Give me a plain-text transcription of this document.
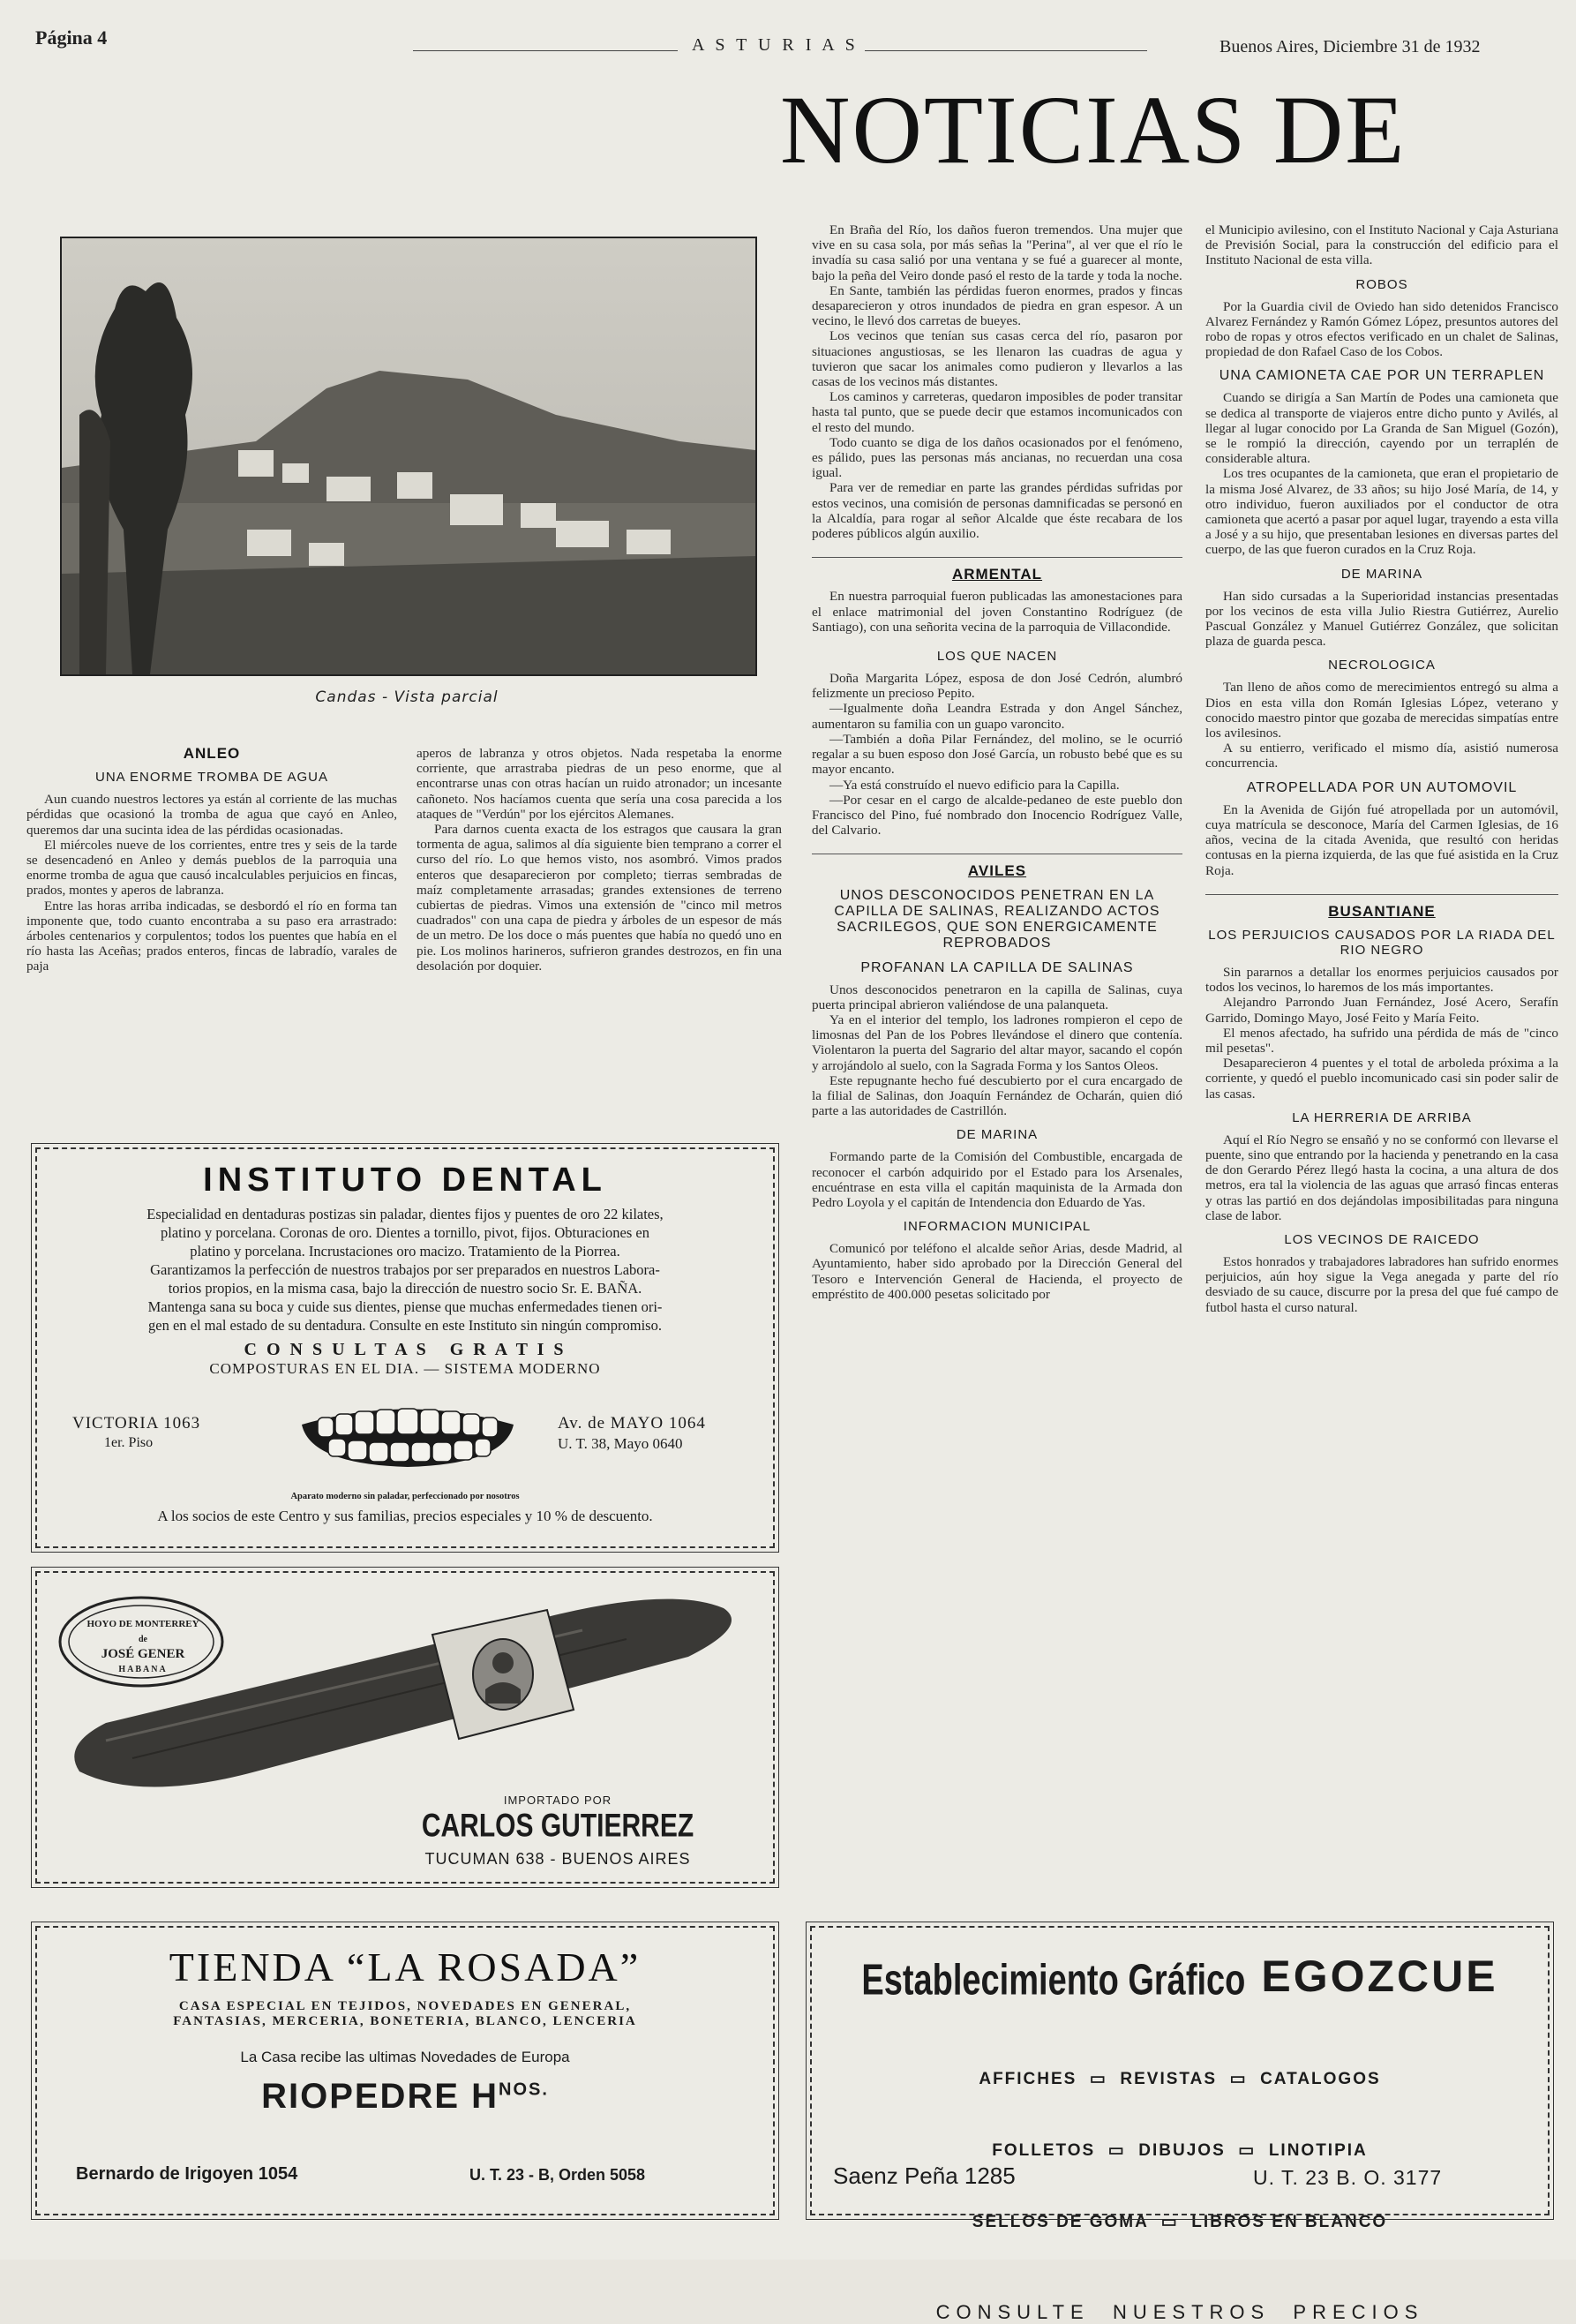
Página 4	A S T U R I A S	Buenos Aires, Diciembre 31 de 1932
NOTICIAS DE
Candas - Vista parcial
ANLEO
UNA ENORME TROMBA DE AGUA

Aun cuando nuestros lectores ya están al corriente de las muchas pérdidas que ocasionó la tromba de agua que cayó en Anleo, queremos dar una sucinta idea de las pérdidas ocasionadas.

El miércoles nueve de los corrientes, entre tres y seis de la tarde se desencadenó en Anleo y demás pueblos de la parroquia una enorme tromba de agua que causó incalculables perjuicios en fincas, prados, montes y aperos de labranza.

Entre las horas arriba indicadas, se desbordó el río en forma tan imponente que, todo cuanto encontraba a su paso era arrastrado: árboles centenarios y corpulentos; todos los puentes que había en el río hasta las Aceñas; prados enteros, fincas de labradío, varales de paja

aperos de labranza y otros objetos. Nada respetaba la enorme corriente, que arrastraba piedras de un peso enorme, que al encontrarse unas con otras hacían un ruido atronador; un incesante cañoneto. Nos hacíamos cuenta que sería una cosa parecida a los ataques de "Verdún" por los ejércitos Alemanes.

Para darnos cuenta exacta de los estragos que causara la gran tormenta de agua, salimos al día siguiente bien temprano a correr el curso del río. Lo que hemos visto, nos asombró. Vimos prados enteros que desaparecieron por completo; tierras sembradas de maíz completamente arrasadas; grandes extensiones de terreno cubiertas de piedras. Vimos una extensión de "cinco mil metros cuadrados" con una capa de piedra y árboles de un espesor de más de un metro. De los doce o más puentes que había no quedó uno en pie. Los molinos harineros, sufrieron grandes destrozos, en fin una desolación por doquier.

En Braña del Río, los daños fueron tremendos. Una mujer que vive en su casa sola, por más señas la "Perina", al ver que el río le invadía su casa salió por una ventana y se fué a guarecer al monte, bajo la peña del Veiro donde pasó el resto de la tarde y toda la noche.

En Sante, también las pérdidas fueron enormes, prados y fincas desaparecieron y otros inundados de piedra en gran espesor. A un vecino, le llevó dos carretas de bueyes.

Los vecinos que tenían sus casas cerca del río, pasaron por situaciones angustiosas, se les llenaron las cuadras de agua y tuvieron que sacar los animales como pudieron y llevarlos a las casas de los vecinos más distantes.

Los caminos y carreteras, quedaron imposibles de poder transitar hasta tal punto, que se puede decir que estamos incomunicados con el resto del mundo.

Todo cuanto se diga de los daños ocasionados por el fenómeno, es pálido, pues las personas más ancianas, no recuerdan una cosa igual.

Para ver de remediar en parte las grandes pérdidas sufridas por estos vecinos, una comisión de personas damnificadas se personó en la Alcaldía, para rogar al señor Alcalde que éste recabara de los poderes públicos algún auxilio.

ARMENTAL

En nuestra parroquial fueron publicadas las amonestaciones para el enlace matrimonial del joven Constantino Rodríguez (de Santiago), con una señorita vecina de la parroquia de Villacondide.

LOS QUE NACEN

Doña Margarita López, esposa de don José Cedrón, alumbró felizmente un precioso Pepito.

—Igualmente doña Leandra Estrada y don Angel Sánchez, aumentaron su familia con un guapo varoncito.

—También a doña Pilar Fernández, del molino, se le ocurrió regalar a su buen esposo don José García, un robusto bebé que es su mayor encanto.

—Ya está construído el nuevo edificio para la Capilla.

—Por cesar en el cargo de alcalde-pedaneo de este pueblo don Francisco del Pino, fué nombrado don Inocencio Rodríguez Valle, del Calvario.

AVILES
UNOS DESCONOCIDOS PENETRAN EN LA CAPILLA DE SALINAS, REALIZANDO ACTOS SACRILEGOS, QUE SON ENERGICAMENTE REPROBADOS
PROFANAN LA CAPILLA DE SALINAS

Unos desconocidos penetraron en la capilla de Salinas, cuya puerta principal abrieron valiéndose de una palanqueta.

Ya en el interior del templo, los ladrones rompieron el cepo de limosnas del Pan de los Pobres llevándose el dinero que contenía. Violentaron la puerta del Sagrario del altar mayor, sacando el copón y arrojándolo al suelo, con la Sagrada Forma y los Santos Oleos.

Este repugnante hecho fué descubierto por el cura encargado de la filial de Salinas, don Joaquín Fernández de Ocharán, quien dió parte a las autoridades de Castrillón.

DE MARINA

Formando parte de la Comisión del Combustible, encargada de reconocer el carbón adquirido por el Estado para los Arsenales, encuéntrase en esta villa el capitán maquinista de la Armada don Pedro Loyola y el capitán de Intendencia don Eduardo de Yas.

INFORMACION MUNICIPAL

Comunicó por teléfono el alcalde señor Arias, desde Madrid, al Ayuntamiento, haber sido aprobado por la Dirección General del Tesoro e Intervención General de Hacienda, el proyecto de empréstito de 400.000 pesetas solicitado por

el Municipio avilesino, con el Instituto Nacional y Caja Asturiana de Previsión Social, para la construcción del edificio para el Instituto Nacional de esta villa.

ROBOS

Por la Guardia civil de Oviedo han sido detenidos Francisco Alvarez Fernández y Ramón Gómez López, presuntos autores del robo de ropas y otros efectos verificado en un chalet de Salinas, propiedad de don Rafael Caso de los Cobos.

UNA CAMIONETA CAE POR UN TERRAPLEN

Cuando se dirigía a San Martín de Podes una camioneta que se dedica al transporte de viajeros entre dicho punto y Avilés, al llegar al lugar conocido por La Granda de San Miguel (Gozón), se le rompió la dirección, cayendo por un terraplén de considerable altura.

Los tres ocupantes de la camioneta, que eran el propietario de la misma José Alvarez, de 33 años; su hijo José María, de 14, y otro individuo, fueron auxiliados por el conductor de otra camioneta que acertó a pasar por aquel lugar, trayendo a esta villa a José y a su hijo, que presentaban lesiones en diversas partes del cuerpo, de las que fueron curados en la Cruz Roja.

DE MARINA

Han sido cursadas a la Superioridad instancias presentadas por los vecinos de esta villa Julio Riestra Gutiérrez, Aurelio Pascual González y Manuel Gutiérrez González, que solicitan plaza de guarda pesca.

NECROLOGICA

Tan lleno de años como de merecimientos entregó su alma a Dios en esta villa don Román Iglesias López, veterano y conocido maestro pintor que gozaba de merecidas simpatías entre los avilesinos.

A su entierro, verificado el mismo día, asistió numerosa concurrencia.

ATROPELLADA POR UN AUTOMOVIL

En la Avenida de Gijón fué atropellada por un automóvil, cuya matrícula se desconoce, María del Carmen Iglesias, de 16 años, vecina de la citada Avenida, que resultó con heridas contusas en la pierna izquierda, de las que fué asistida en la Cruz Roja.

BUSANTIANE
LOS PERJUICIOS CAUSADOS POR LA RIADA DEL RIO NEGRO

Sin pararnos a detallar los enormes perjuicios causados por todos los vecinos, lo haremos de los más importantes.

Alejandro Parrondo Juan Fernández, José Acero, Serafín Garrido, Domingo Mayo, José Feito y María Feito.

El menos afectado, ha sufrido una pérdida de más de "cinco mil pesetas".

Desaparecieron 4 puentes y el total de arboleda próxima a la corriente, y quedó el pueblo incomunicado casi sin poder salir de las casas.

LA HERRERIA DE ARRIBA

Aquí el Río Negro se ensañó y no se conformó con llevarse el puente, sino que entrando por la hacienda y penetrando en la casa de don Gerardo Pérez llegó hasta la cocina, a una altura de dos metros, era tal la violencia de las aguas que arrasó fincas enteras y otras las partió en dos dejándolas imposibilitadas para ninguna clase de labor.

LOS VECINOS DE RAICEDO

Estos honrados y trabajadores labradores han sufrido enormes perjuicios, aún hoy sigue la Vega anegada y parte del río desviado de su cauce, discurre por la presa del que fué campo de futbol hasta el curso natural.

INSTITUTO DENTAL
Especialidad en dentaduras postizas sin paladar, dientes fijos y puentes de oro 22 kilates,
platino y porcelana. Coronas de oro. Dientes a tornillo, pivot, fijos. Obturaciones en
platino y porcelana. Incrustaciones oro macizo. Tratamiento de la Piorrea.
Garantizamos la perfección de nuestros trabajos por ser preparados en nuestros Labora-
torios propios, en la misma casa, bajo la dirección de nuestro socio Sr. E. BAÑA.
Mantenga sana su boca y cuide sus dientes, piense que muchas enfermedades tienen ori-
gen en el mal estado de su dentadura. Consulte en este Instituto sin ningún compromiso.
C O N S U L T A S   G R A T I S
COMPOSTURAS EN EL DIA. — SISTEMA MODERNO
VICTORIA 1063
1er. Piso
Av. de MAYO 1064
U. T. 38, Mayo 0640
Aparato moderno sin paladar, perfeccionado por nosotros
A los socios de este Centro y sus familias, precios especiales y 10 % de descuento.
HOYO DE MONTERREY
de
JOSÉ GENER
HABANA
IMPORTADO POR
CARLOS GUTIERREZ
TUCUMAN 638 - BUENOS AIRES
TIENDA “LA ROSADA”
CASA ESPECIAL EN TEJIDOS, NOVEDADES EN GENERAL,
FANTASIAS, MERCERIA, BONETERIA, BLANCO, LENCERIA
La Casa recibe las ultimas Novedades de Europa
RIOPEDRE $H^{NOS.}$
Bernardo de Irigoyen 1054	U. T. 23 - B, Orden 5058
Establecimiento Gráfico EGOZCUE

AFFICHES  ▭  REVISTAS  ▭  CATALOGOS

FOLLETOS  ▭  DIBUJOS  ▭  LINOTIPIA

SELLOS DE GOMA  ▭  LIBROS EN BLANCO

CONSULTE  NUESTROS  PRECIOS
Saenz Peña 1285	U. T. 23 B. O. 3177
